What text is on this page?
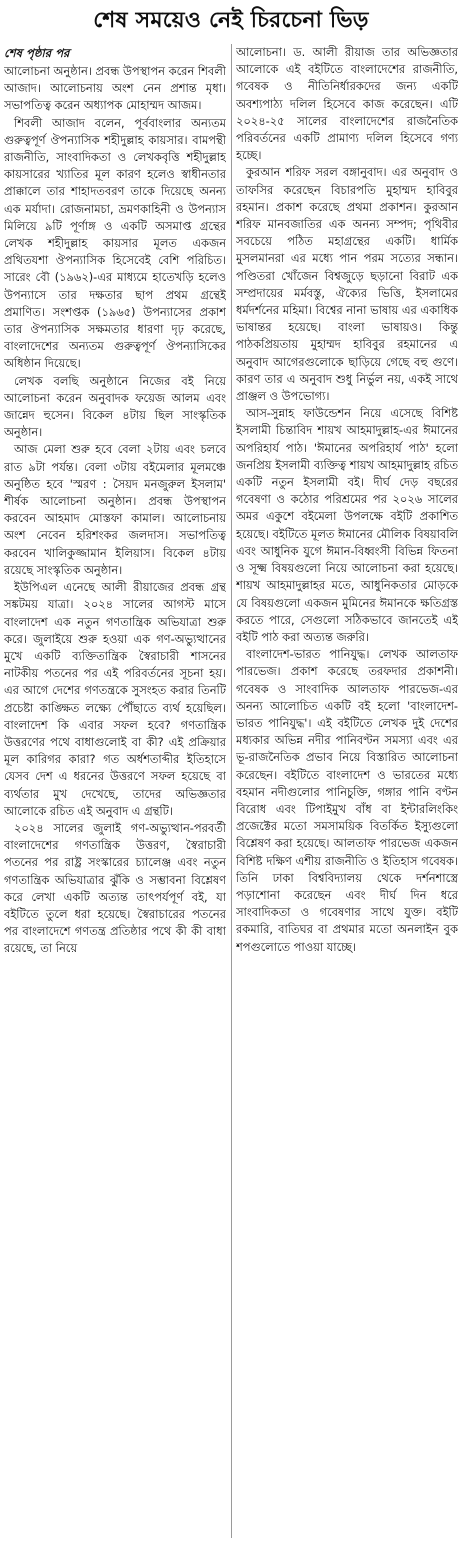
শেষ সময়েও নেই চিরচেনা ভিড়
শেষ পৃষ্ঠার পর

আলোচনা অনুষ্ঠান। প্রবন্ধ উপস্থাপন করেন শিবলী আজাদ। আলোচনায় অংশ নেন প্রশান্ত মৃধা। সভাপতিত্ব করেন অধ্যাপক মোহাম্মদ আজম।

শিবলী আজাদ বলেন, পূর্ববাংলার অন্যতম গুরুত্বপূর্ণ ঔপন্যাসিক শহীদুল্লাহ কায়সার। বামপন্থী রাজনীতি, সাংবাদিকতা ও লেখকবৃত্তি শহীদুল্লাহ কায়সারের খ্যাতির মূল কারণ হলেও স্বাধীনতার প্রাক্কালে তার শাহাদতবরণ তাকে দিয়েছে অনন্য এক মর্যাদা। রোজনামচা, ভ্রমণকাহিনী ও উপন্যাস মিলিয়ে ৯টি পূর্ণাঙ্গ ও একটি অসমাপ্ত গ্রন্থের লেখক শহীদুল্লাহ কায়সার মূলত একজন প্রথিতযশা ঔপন্যাসিক হিসেবেই বেশি পরিচিত। সারেং বৌ (১৯৬২)-এর মাধ্যমে হাতেখড়ি হলেও উপন্যাসে তার দক্ষতার ছাপ প্রথম গ্রন্থেই প্রমাণিত। সংশপ্তক (১৯৬৫) উপন্যাসের প্রকাশ তার ঔপন্যাসিক সক্ষমতার ধারণা দৃঢ় করেছে, বাংলাদেশের অন্যতম গুরুত্বপূর্ণ ঔপন্যাসিকের অধিষ্ঠান দিয়েছে।

লেখক বলছি অনুষ্ঠানে নিজের বই নিয়ে আলোচনা করেন অনুবাদক ফয়েজ আলম এবং জান্নেদ হুসেন। বিকেল ৪টায় ছিল সাংস্কৃতিক অনুষ্ঠান।

আজ মেলা শুরু হবে বেলা ২টায় এবং চলবে রাত ৯টা পর্যন্ত। বেলা ৩টায় বইমেলার মূলমঞ্চে অনুষ্ঠিত হবে 'স্মরণ : সৈয়দ মনজুরুল ইসলাম' শীর্ষক আলোচনা অনুষ্ঠান। প্রবন্ধ উপস্থাপন করবেন আহমাদ মোস্তফা কামাল। আলোচনায় অংশ নেবেন হরিশংকর জলদাস। সভাপতিত্ব করবেন খালিকুজ্জামান ইলিয়াস। বিকেল ৪টায় রয়েছে সাংস্কৃতিক অনুষ্ঠান।

ইউপিএল এনেছে আলী রীয়াজের প্রবন্ধ গ্রন্থ সঙ্কটময় যাত্রা। ২০২৪ সালের আগস্ট মাসে বাংলাদেশ এক নতুন গণতান্ত্রিক অভিযাত্রা শুরু করে। জুলাইয়ে শুরু হওয়া এক গণ-অভ্যুত্থানের মুখে একটি ব্যক্তিতান্ত্রিক স্বৈরাচারী শাসনের নাটকীয় পতনের পর এই পরিবর্তনের সূচনা হয়। এর আগে দেশের গণতন্ত্রকে সুসংহত করার তিনটি প্রচেষ্টা কাঙ্ক্ষিত লক্ষ্যে পৌঁছাতে ব্যর্থ হয়েছিল। বাংলাদেশ কি এবার সফল হবে? গণতান্ত্রিক উত্তরণের পথে বাধাগুলোই বা কী? এই প্রক্রিয়ার মূল কারিগর কারা? গত অর্ধশতাব্দীর ইতিহাসে যেসব দেশ এ ধরনের উত্তরণে সফল হয়েছে বা ব্যর্থতার মুখ দেখেছে, তাদের অভিজ্ঞতার আলোকে রচিত এই অনুবাদ এ গ্রন্থটি।

২০২৪ সালের জুলাই গণ-অভ্যুত্থান-পরবর্তী বাংলাদেশের গণতান্ত্রিক উত্তরণ, স্বৈরাচারী পতনের পর রাষ্ট্র সংস্কারের চ্যালেঞ্জ এবং নতুন গণতান্ত্রিক অভিযাত্রার ঝুঁকি ও সম্ভাবনা বিশ্লেষণ করে লেখা একটি অত্যন্ত তাৎপর্যপূর্ণ বই, যা বইটিতে তুলে ধরা হয়েছে। স্বৈরাচারের পতনের পর বাংলাদেশে গণতন্ত্র প্রতিষ্ঠার পথে কী কী বাধা রয়েছে, তা নিয়ে

আলোচনা। ড. আলী রীয়াজ তার অভিজ্ঞতার আলোকে এই বইটিতে বাংলাদেশের রাজনীতি, গবেষক ও নীতিনির্ধারকদের জন্য একটি অবশ্যপাঠ্য দলিল হিসেবে কাজ করেছেন। এটি ২০২৪-২৫ সালের বাংলাদেশের রাজনৈতিক পরিবর্তনের একটি প্রামাণ্য দলিল হিসেবে গণ্য হচ্ছে।

কুরআন শরিফ সরল বঙ্গানুবাদ। এর অনুবাদ ও তাফসির করেছেন বিচারপতি মুহাম্মদ হাবিবুর রহমান। প্রকাশ করেছে প্রথমা প্রকাশন। কুরআন শরিফ মানবজাতির এক অনন্য সম্পদ; পৃথিবীর সবচেয়ে পঠিত মহাগ্রন্থের একটি। ধার্মিক মুসলমানরা এর মধ্যে পান পরম সত্যের সন্ধান। পণ্ডিতরা খোঁজেন বিশ্বজুড়ে ছড়ানো বিরাট এক সম্প্রদায়ের মর্মবস্তু, ঐক্যের ভিত্তি, ইসলামের ধর্মদর্শনের মহিমা। বিশ্বের নানা ভাষায় এর একাধিক ভাষান্তর হয়েছে। বাংলা ভাষায়ও। কিন্তু পাঠকপ্রিয়তায় মুহাম্মদ হাবিবুর রহমানের এ অনুবাদ আগেরগুলোকে ছাড়িয়ে গেছে বহু গুণে। কারণ তার এ অনুবাদ শুধু নির্ভুল নয়, একই সাথে প্রাঞ্জল ও উপভোগ্য।

আস-সুন্নাহ ফাউন্ডেশন নিয়ে এসেছে বিশিষ্ট ইসলামী চিন্তাবিদ শায়খ আহমাদুল্লাহ-এর ঈমানের অপরিহার্য পাঠ। 'ঈমানের অপরিহার্য পাঠ' হলো জনপ্রিয় ইসলামী ব্যক্তিত্ব শায়খ আহমাদুল্লাহ রচিত একটি নতুন ইসলামী বই। দীর্ঘ দেড় বছরের গবেষণা ও কঠোর পরিশ্রমের পর ২০২৬ সালের অমর একুশে বইমেলা উপলক্ষে বইটি প্রকাশিত হয়েছে। বইটিতে মূলত ঈমানের মৌলিক বিষয়াবলি এবং আধুনিক যুগে ঈমান-বিধ্বংসী বিভিন্ন ফিতনা ও সূক্ষ্ম বিষয়গুলো নিয়ে আলোচনা করা হয়েছে। শায়খ আহমাদুল্লাহর মতে, আধুনিকতার মোড়কে যে বিষয়গুলো একজন মুমিনের ঈমানকে ক্ষতিগ্রস্ত করতে পারে, সেগুলো সঠিকভাবে জানতেই এই বইটি পাঠ করা অত্যন্ত জরুরি।

বাংলাদেশ-ভারত পানিযুদ্ধ। লেখক আলতাফ পারভেজ। প্রকাশ করেছে তরফদার প্রকাশনী। গবেষক ও সাংবাদিক আলতাফ পারভেজ-এর অনন্য আলোচিত একটি বই হলো 'বাংলাদেশ-ভারত পানিযুদ্ধ'। এই বইটিতে লেখক দুই দেশের মধ্যকার অভিন্ন নদীর পানিবণ্টন সমস্যা এবং এর ভূ-রাজনৈতিক প্রভাব নিয়ে বিস্তারিত আলোচনা করেছেন। বইটিতে বাংলাদেশ ও ভারতের মধ্যে বহমান নদীগুলোর পানিচুক্তি, গঙ্গার পানি বণ্টন বিরোধ এবং টিপাইমুখ বাঁধ বা ইন্টারলিংকিং প্রজেক্টের মতো সমসাময়িক বিতর্কিত ইস্যুগুলো বিশ্লেষণ করা হয়েছে। আলতাফ পারভেজ একজন বিশিষ্ট দক্ষিণ এশীয় রাজনীতি ও ইতিহাস গবেষক। তিনি ঢাকা বিশ্ববিদ্যালয় থেকে দর্শনশাস্ত্রে পড়াশোনা করেছেন এবং দীর্ঘ দিন ধরে সাংবাদিকতা ও গবেষণার সাথে যুক্ত। বইটি রকমারি, বাতিঘর বা প্রথমার মতো অনলাইন বুক শপগুলোতে পাওয়া যাচ্ছে।
